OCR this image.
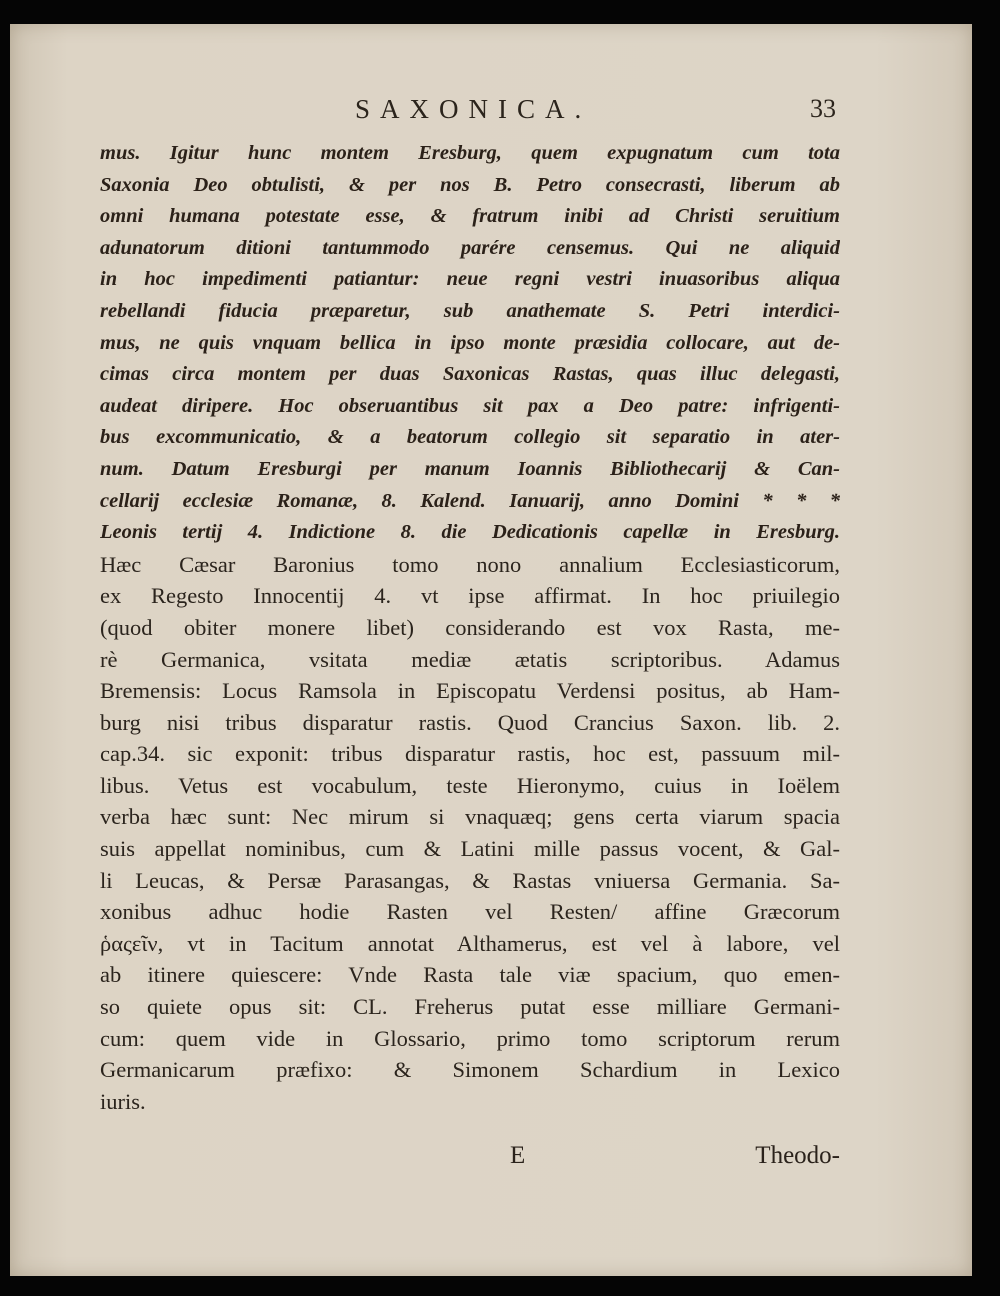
SAXONICA.	33
mus. Igitur hunc montem Eresburg, quem expugnatum cum tota
Saxonia Deo obtulisti, & per nos B. Petro consecrasti, liberum ab
omni humana potestate esse, & fratrum inibi ad Christi seruitium
adunatorum ditioni tantummodo parére censemus. Qui ne aliquid
in hoc impedimenti patiantur: neue regni vestri inuasoribus aliqua
rebellandi fiducia præparetur, sub anathemate S. Petri interdici-
mus, ne quis vnquam bellica in ipso monte præsidia collocare, aut de-
cimas circa montem per duas Saxonicas Rastas, quas illuc delegasti,
audeat diripere. Hoc obseruantibus sit pax a Deo patre: infrigenti-
bus excommunicatio, & a beatorum collegio sit separatio in ater-
num. Datum Eresburgi per manum Ioannis Bibliothecarij & Can-
cellarij ecclesiæ Romanæ, 8. Kalend. Ianuarij, anno Domini * * *
Leonis tertij 4. Indictione 8. die Dedicationis capellæ in Eresburg.
Hæc Cæsar Baronius tomo nono annalium Ecclesiasticorum,
ex Regesto Innocentij 4. vt ipse affirmat. In hoc priuilegio
(quod obiter monere libet) considerando est vox Rasta, me-
rè Germanica, vsitata mediæ ætatis scriptoribus. Adamus
Bremensis: Locus Ramsola in Episcopatu Verdensi positus, ab Ham-
burg nisi tribus disparatur rastis. Quod Crancius Saxon. lib. 2.
cap.34. sic exponit: tribus disparatur rastis, hoc est, passuum mil-
libus. Vetus est vocabulum, teste Hieronymo, cuius in Ioëlem
verba hæc sunt: Nec mirum si vnaquæq; gens certa viarum spacia
suis appellat nominibus, cum & Latini mille passus vocent, & Gal-
li Leucas, & Persæ Parasangas, & Rastas vniuersa Germania. Sa-
xonibus adhuc hodie Rasten vel Resten/ affine Græcorum
ῥαςεῖν, vt in Tacitum annotat Althamerus, est vel à labore, vel
ab itinere quiescere: Vnde Rasta tale viæ spacium, quo emen-
so quiete opus sit: CL. Freherus putat esse milliare Germani-
cum: quem vide in Glossario, primo tomo scriptorum rerum
Germanicarum præfixo: & Simonem Schardium in Lexico
iuris.
E	Theodo-
